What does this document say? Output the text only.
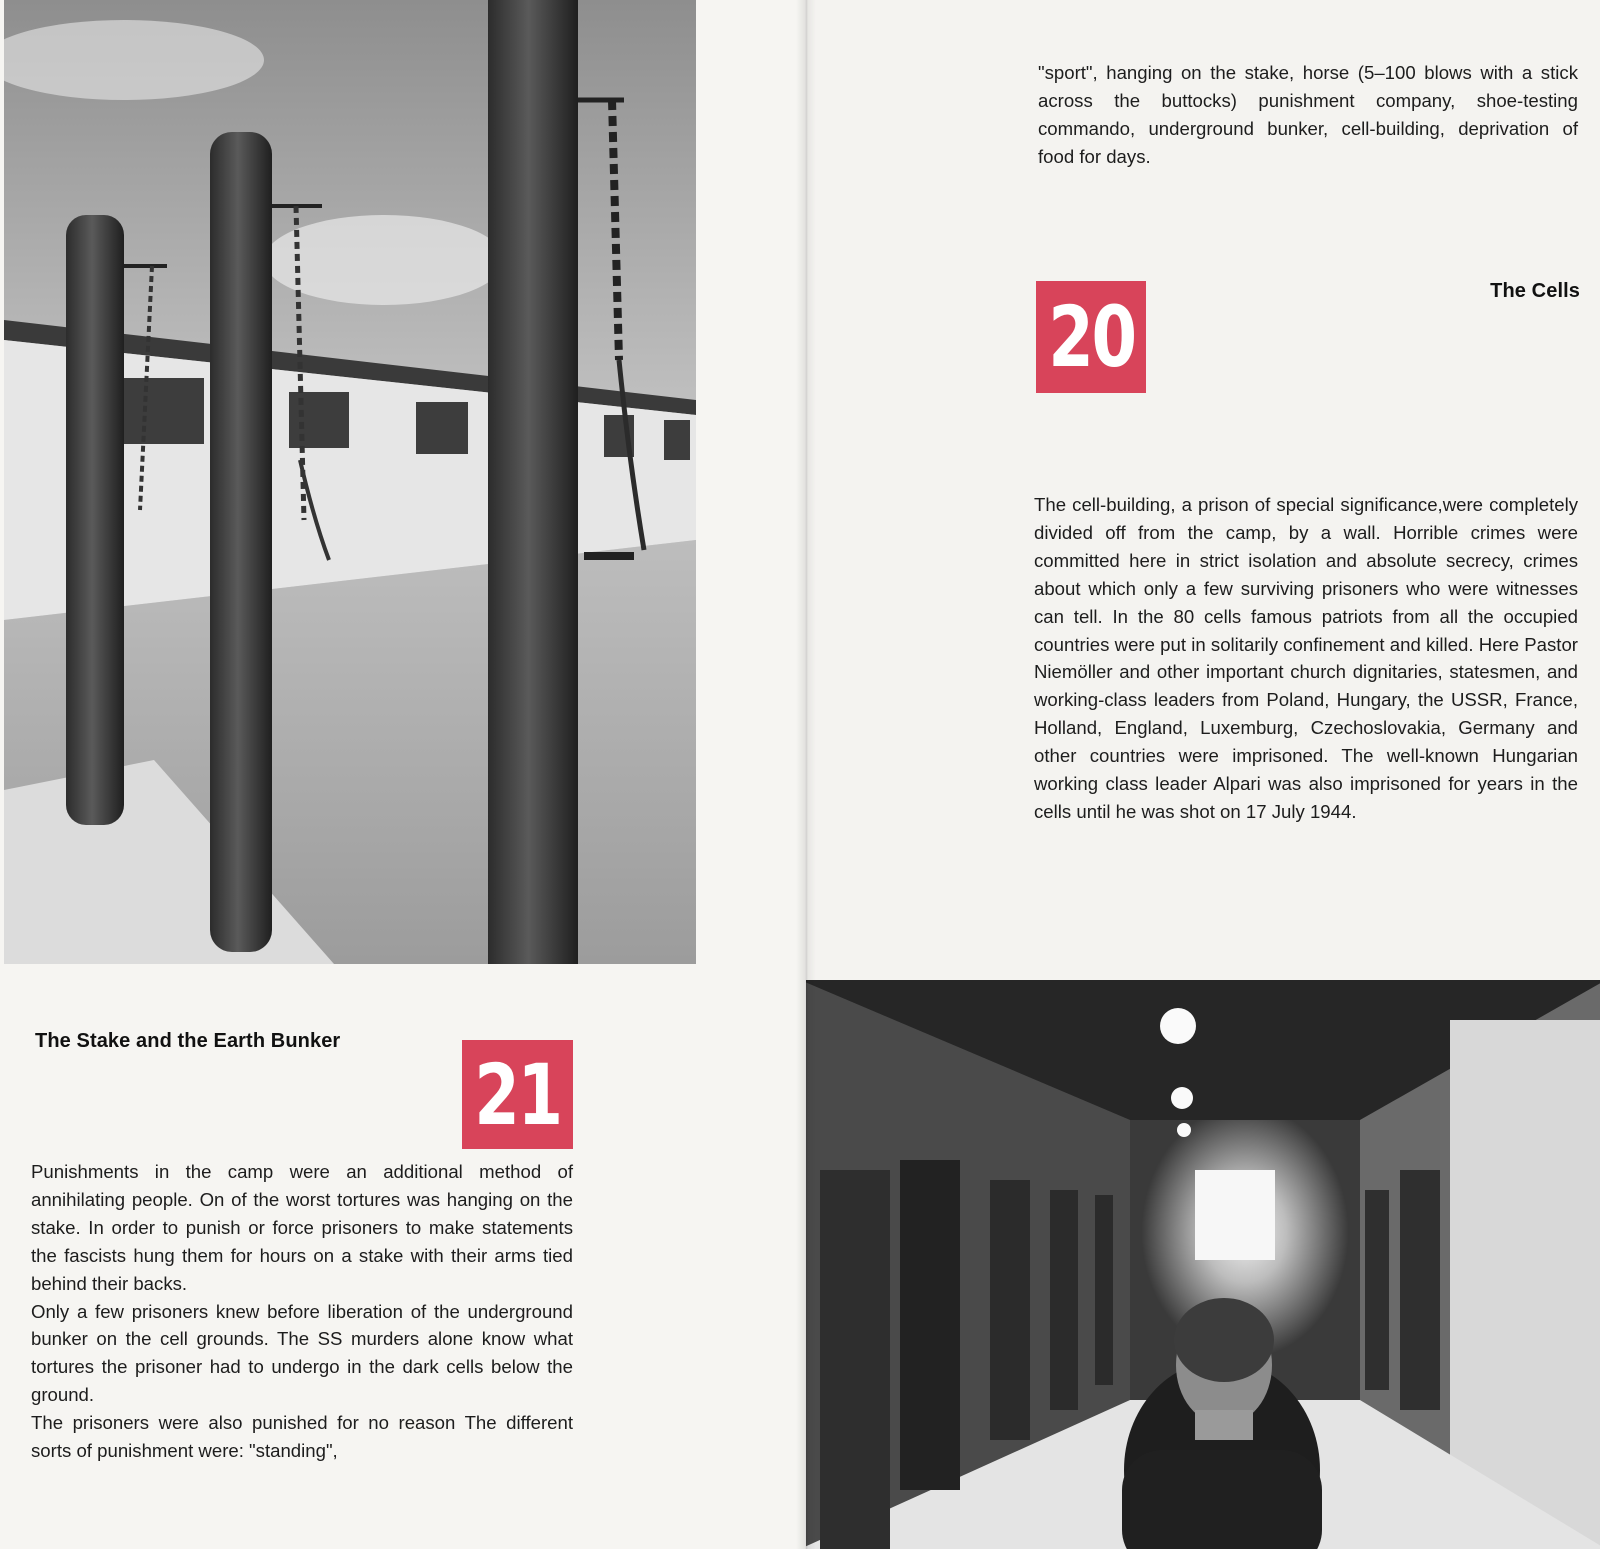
The Stake and the Earth Bunker
21

Punishments in the camp were an additional method of annihilating people. On of the worst tortures was hanging on the stake. In order to punish or force prisoners to make statements the fascists hung them for hours on a stake with their arms tied behind their backs.

Only a few prisoners knew before liberation of the underground bunker on the cell grounds. The SS murders alone know what tortures the prisoner had to undergo in the dark cells below the ground.

The prisoners were also punished for no reason The different sorts of punishment were: "standing",

"sport", hanging on the stake, horse (5–100 blows with a stick across the buttocks) punishment company, shoe-testing commando, underground bunker, cell-building, deprivation of food for days.
20	The Cells
The cell-building, a prison of special significance,were completely divided off from the camp, by a wall. Horrible crimes were committed here in strict isolation and absolute secrecy, crimes about which only a few surviving prisoners who were witnesses can tell. In the 80 cells famous patriots from all the occupied countries were put in solitarily confinement and killed. Here Pastor Niemöller and other important church dignitaries, statesmen, and working-class leaders from Poland, Hungary, the USSR, France, Holland, England, Luxemburg, Czechoslovakia, Germany and other countries were imprisoned. The well-known Hungarian working class leader Alpari was also imprisoned for years in the cells until he was shot on 17 July 1944.
